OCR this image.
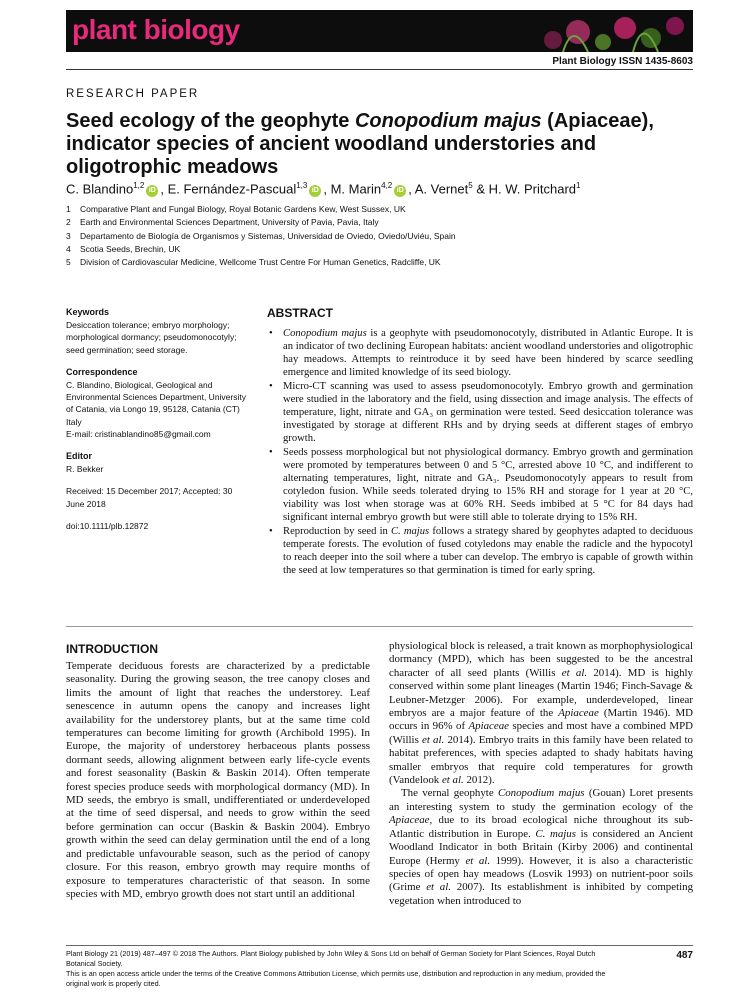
plant biology
Plant Biology ISSN 1435-8603
RESEARCH PAPER
Seed ecology of the geophyte Conopodium majus (Apiaceae), indicator species of ancient woodland understories and oligotrophic meadows
C. Blandino$^{1,2}$iD , E. Fernández-Pascual$^{1,3}$iD , M. Marin$^{4,2}$iD , A. Vernet$^5$ & H. W. Pritchard$^1$
1 Comparative Plant and Fungal Biology, Royal Botanic Gardens Kew, West Sussex, UK
2 Earth and Environmental Sciences Department, University of Pavia, Pavia, Italy
3 Departamento de Biología de Organismos y Sistemas, Universidad de Oviedo, Oviedo/Uviéu, Spain
4 Scotia Seeds, Brechin, UK
5 Division of Cardiovascular Medicine, Wellcome Trust Centre For Human Genetics, Radcliffe, UK
Keywords
Desiccation tolerance; embryo morphology; morphological dormancy; pseudomonocotyly; seed germination; seed storage.
Correspondence
C. Blandino, Biological, Geological and Environmental Sciences Department, University of Catania, via Longo 19, 95128, Catania (CT) Italy
E-mail: cristinablandino85@gmail.com
Editor
R. Bekker
Received: 15 December 2017; Accepted: 30 June 2018
doi:10.1111/plb.12872
ABSTRACT
• Conopodium majus is a geophyte with pseudomonocotyly, distributed in Atlantic Europe. It is an indicator of two declining European habitats: ancient woodland understories and oligotrophic hay meadows. Attempts to reintroduce it by seed have been hindered by scarce seedling emergence and limited knowledge of its seed biology.
• Micro-CT scanning was used to assess pseudomonocotyly. Embryo growth and germination were studied in the laboratory and the field, using dissection and image analysis. The effects of temperature, light, nitrate and GA₃ on germination were tested. Seed desiccation tolerance was investigated by storage at different RHs and by drying seeds at different stages of embryo growth.
• Seeds possess morphological but not physiological dormancy. Embryo growth and germination were promoted by temperatures between 0 and 5 °C, arrested above 10 °C, and indifferent to alternating temperatures, light, nitrate and GA₃. Pseudomonocotyly appears to result from cotyledon fusion. While seeds tolerated drying to 15% RH and storage for 1 year at 20 °C, viability was lost when storage was at 60% RH. Seeds imbibed at 5 °C for 84 days had significant internal embryo growth but were still able to tolerate drying to 15% RH.
• Reproduction by seed in C. majus follows a strategy shared by geophytes adapted to deciduous temperate forests. The evolution of fused cotyledons may enable the radicle and the hypocotyl to reach deeper into the soil where a tuber can develop. The embryo is capable of growth within the seed at low temperatures so that germination is timed for early spring.
INTRODUCTION

Temperate deciduous forests are characterized by a predictable seasonality. During the growing season, the tree canopy closes and limits the amount of light that reaches the understorey. Leaf senescence in autumn opens the canopy and increases light availability for the understorey plants, but at the same time cold temperatures can become limiting for growth (Archibold 1995). In Europe, the majority of understorey herbaceous plants possess dormant seeds, allowing alignment between early life-cycle events and forest seasonality (Baskin & Baskin 2014). Often temperate forest species produce seeds with morphological dormancy (MD). In MD seeds, the embryo is small, undifferentiated or underdeveloped at the time of seed dispersal, and needs to grow within the seed before germination can occur (Baskin & Baskin 2004). Embryo growth within the seed can delay germination until the end of a long and predictable unfavourable season, such as the period of canopy closure. For this reason, embryo growth may require months of exposure to temperatures characteristic of that season. In some species with MD, embryo growth does not start until an additional

physiological block is released, a trait known as morphophysiological dormancy (MPD), which has been suggested to be the ancestral character of all seed plants (Willis et al. 2014). MD is highly conserved within some plant lineages (Martin 1946; Finch-Savage & Leubner-Metzger 2006). For example, underdeveloped, linear embryos are a major feature of the Apiaceae (Martin 1946). MD occurs in 96% of Apiaceae species and most have a combined MPD (Willis et al. 2014). Embryo traits in this family have been related to habitat preferences, with species adapted to shady habitats having smaller embryos that require cold temperatures for growth (Vandelook et al. 2012).

The vernal geophyte Conopodium majus (Gouan) Loret presents an interesting system to study the germination ecology of the Apiaceae, due to its broad ecological niche throughout its sub-Atlantic distribution in Europe. C. majus is considered an Ancient Woodland Indicator in both Britain (Kirby 2006) and continental Europe (Hermy et al. 1999). However, it is also a characteristic species of open hay meadows (Losvik 1993) on nutrient-poor soils (Grime et al. 2007). Its establishment is inhibited by competing vegetation when introduced to

Plant Biology 21 (2019) 487–497 © 2018 The Authors. Plant Biology published by John Wiley & Sons Ltd on behalf of German Society for Plant Sciences, Royal Dutch Botanical Society.
This is an open access article under the terms of the Creative Commons Attribution License, which permits use, distribution and reproduction in any medium, provided the original work is properly cited.
487
